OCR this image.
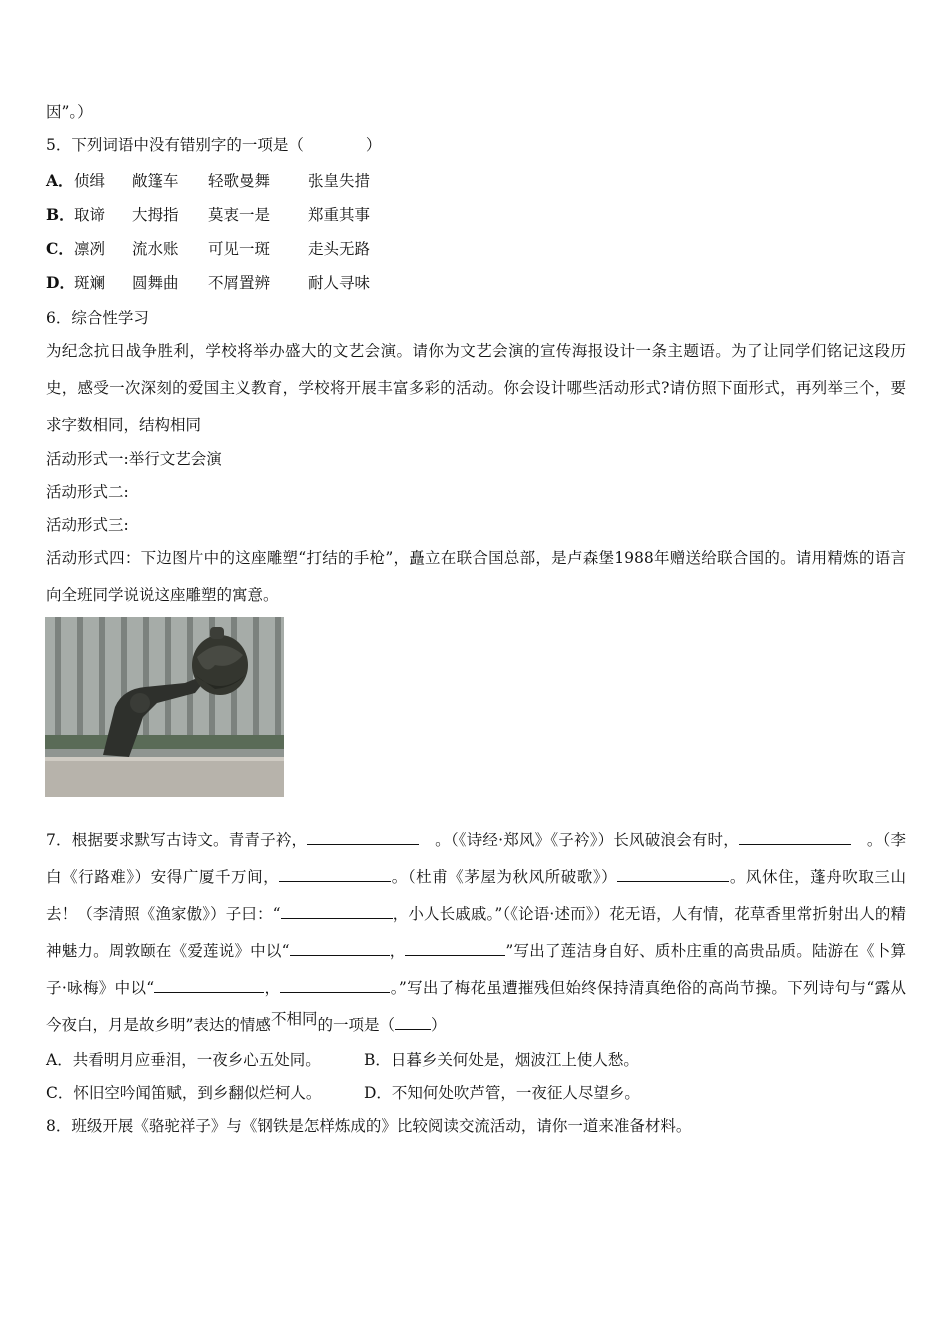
因”。）
5．下列词语中没有错别字的一项是（　　　　）
A．侦缉 敞篷车 轻歌曼舞 张皇失措
B．取谛 大拇指 莫衷一是 郑重其事
C．凛冽 流水账 可见一斑 走头无路
D．斑斓 圆舞曲 不屑置辨 耐人寻味
6．综合性学习
为纪念抗日战争胜利，学校将举办盛大的文艺会演。请你为文艺会演的宣传海报设计一条主题语。为了让同学们铭记这段历史，感受一次深刻的爱国主义教育，学校将开展丰富多彩的活动。你会设计哪些活动形式?请仿照下面形式，再列举三个，要求字数相同，结构相同
活动形式一:举行文艺会演
活动形式二:
活动形式三:
活动形式四：下边图片中的这座雕塑“打结的手枪”，矗立在联合国总部，是卢森堡1988年赠送给联合国的。请用精炼的语言向全班同学说说这座雕塑的寓意。
7．根据要求默写古诗文。青青子衿，　	。（《诗经·郑风》《子衿》）长风破浪会有时，　	。（李白《行路难》）安得广厦千万间，	。（杜甫《茅屋为秋风所破歌》）	。风休住，蓬舟吹取三山去！（李清照《渔家傲》）子曰：“	，小人长戚戚。”（《论语·述而》）花无语，人有情，花草香里常折射出人的精神魅力。周敦颐在《爱莲说》中以“	，	”写出了莲洁身自好、质朴庄重的高贵品质。陆游在《卜算子·咏梅》中以“	，	。”写出了梅花虽遭摧残但始终保持清真绝俗的高尚节操。下列诗句与“露从今夜白，月是故乡明”表达的情感不相同的一项是（ ）
A．共看明月应垂泪，一夜乡心五处同。	B．日暮乡关何处是，烟波江上使人愁。
C．怀旧空吟闻笛赋，到乡翻似烂柯人。	D．不知何处吹芦管，一夜征人尽望乡。
8．班级开展《骆驼祥子》与《钢铁是怎样炼成的》比较阅读交流活动，请你一道来准备材料。
